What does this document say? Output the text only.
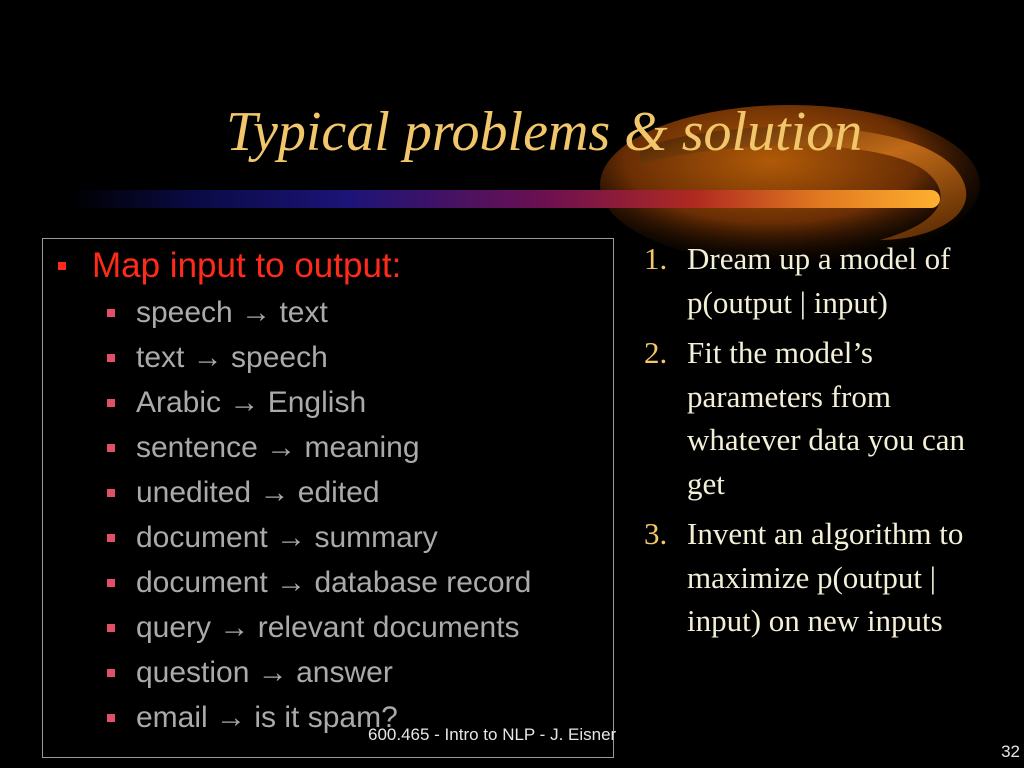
Typical problems & solution
Map input to output:
speech → text
text → speech
Arabic → English
sentence → meaning
unedited → edited
document → summary
document → database record
query → relevant documents
question → answer
email → is it spam?
1. Dream up a model of p(output | input)
2. Fit the model’s parameters from whatever data you can get
3. Invent an algorithm to maximize p(output | input) on new inputs
600.465 - Intro to NLP - J. Eisner
32
